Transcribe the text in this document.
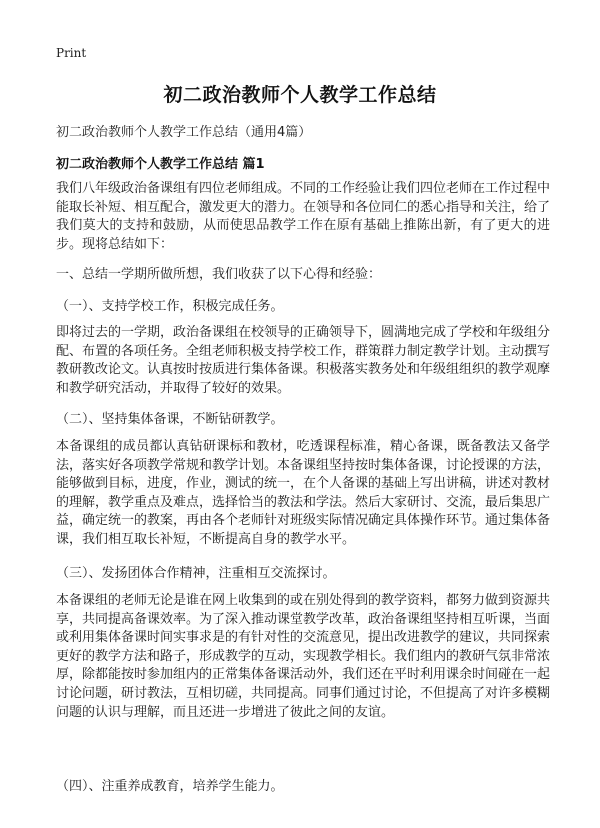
Print
初二政治教师个人教学工作总结
初二政治教师个人教学工作总结（通用4篇）
初二政治教师个人教学工作总结 篇1

我们八年级政治备课组有四位老师组成。不同的工作经验让我们四位老师在工作过程中能取长补短、相互配合，激发更大的潜力。在领导和各位同仁的悉心指导和关注，给了我们莫大的支持和鼓励，从而使思品教学工作在原有基础上推陈出新，有了更大的进步。现将总结如下：

一、总结一学期所做所想，我们收获了以下心得和经验：
（一）、支持学校工作，积极完成任务。

即将过去的一学期，政治备课组在校领导的正确领导下，圆满地完成了学校和年级组分配、布置的各项任务。全组老师积极支持学校工作，群策群力制定教学计划。主动撰写教研教改论文。认真按时按质进行集体备课。积极落实教务处和年级组组织的教学观摩和教学研究活动，并取得了较好的效果。

（二）、坚持集体备课，不断钻研教学。

本备课组的成员都认真钻研课标和教材，吃透课程标准，精心备课，既备教法又备学法，落实好各项教学常规和教学计划。本备课组坚持按时集体备课，讨论授课的方法，能够做到目标，进度，作业，测试的统一，在个人备课的基础上写出讲稿，讲述对教材的理解，教学重点及难点，选择恰当的教法和学法。然后大家研讨、交流，最后集思广益，确定统一的教案，再由各个老师针对班级实际情况确定具体操作环节。通过集体备课，我们相互取长补短，不断提高自身的教学水平。

（三）、发扬团体合作精神，注重相互交流探讨。

本备课组的老师无论是谁在网上收集到的或在别处得到的教学资料，都努力做到资源共享，共同提高备课效率。为了深入推动课堂教学改革，政治备课组坚持相互听课，当面或利用集体备课时间实事求是的有针对性的交流意见，提出改进教学的建议，共同探索更好的教学方法和路子，形成教学的互动，实现教学相长。我们组内的教研气氛非常浓厚，除都能按时参加组内的正常集体备课活动外，我们还在平时利用课余时间碰在一起讨论问题，研讨教法，互相切磋，共同提高。同事们通过讨论，不但提高了对许多模糊问题的认识与理解，而且还进一步增进了彼此之间的友谊。

（四）、注重养成教育，培养学生能力。
